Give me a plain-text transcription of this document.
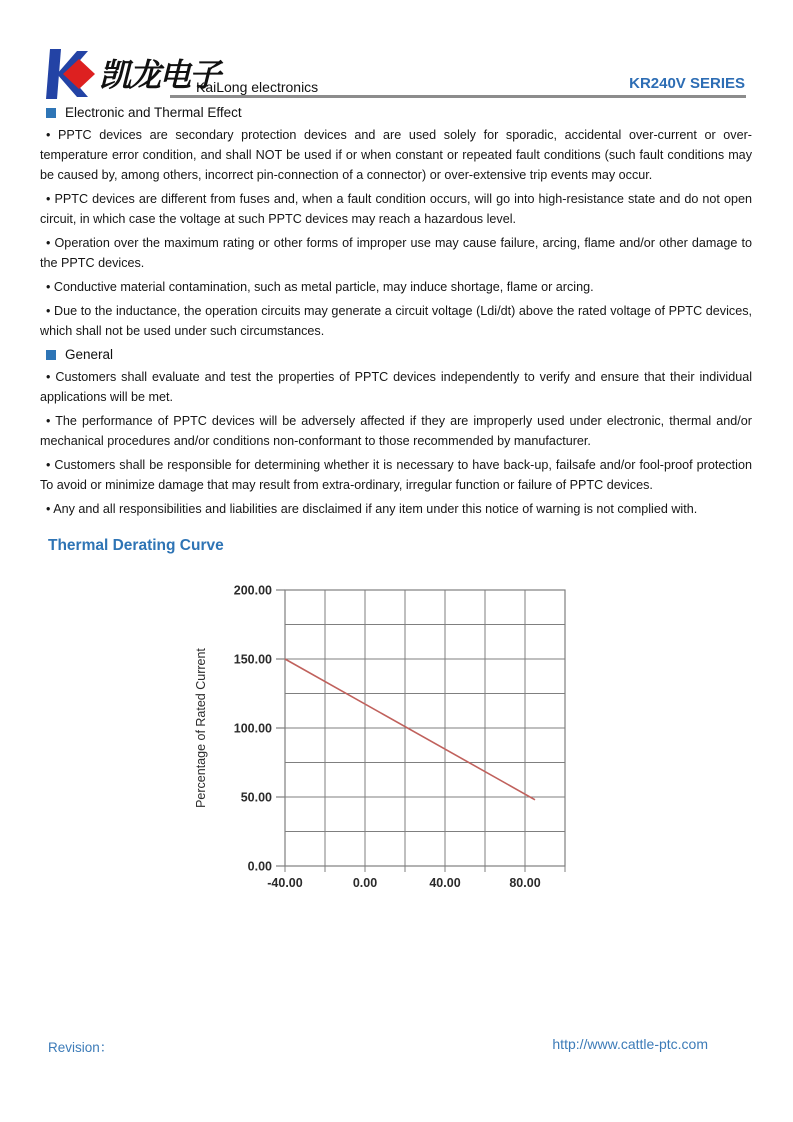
凯龙电子
KaiLong electronics	KR240V SERIES
Electronic and Thermal Effect

• PPTC devices are secondary protection devices and are used solely for sporadic, accidental over-current or over-temperature error condition, and shall NOT be used if or when constant or repeated fault conditions (such fault conditions may be caused by, among others, incorrect pin-connection of a connector) or over-extensive trip events may occur.

• PPTC devices are different from fuses and, when a fault condition occurs, will go into high-resistance state and do not open circuit, in which case the voltage at such PPTC devices may reach a hazardous level.

• Operation over the maximum rating or other forms of improper use may cause failure, arcing, flame and/or other damage to the PPTC devices.

• Conductive material contamination, such as metal particle, may induce shortage, flame or arcing.

• Due to the inductance, the operation circuits may generate a circuit voltage (Ldi/dt) above the rated voltage of PPTC devices, which shall not be used under such circumstances.

General

• Customers shall evaluate and test the properties of PPTC devices independently to verify and ensure that their individual applications will be met.

• The performance of PPTC devices will be adversely affected if they are improperly used under electronic, thermal and/or mechanical procedures and/or conditions non-conformant to those recommended by manufacturer.

• Customers shall be responsible for determining whether it is necessary to have back-up, failsafe and/or fool-proof protection To avoid or minimize damage that may result from extra-ordinary, irregular function or failure of PPTC devices.

• Any and all responsibilities and liabilities are disclaimed if any item under this notice of warning is not complied with.

Thermal Derating Curve
0.00
50.00
100.00
150.00
200.00
-40.00	0.00	40.00	80.00
Percentage of Rated Current
Revision：	http://www.cattle-ptc.com
